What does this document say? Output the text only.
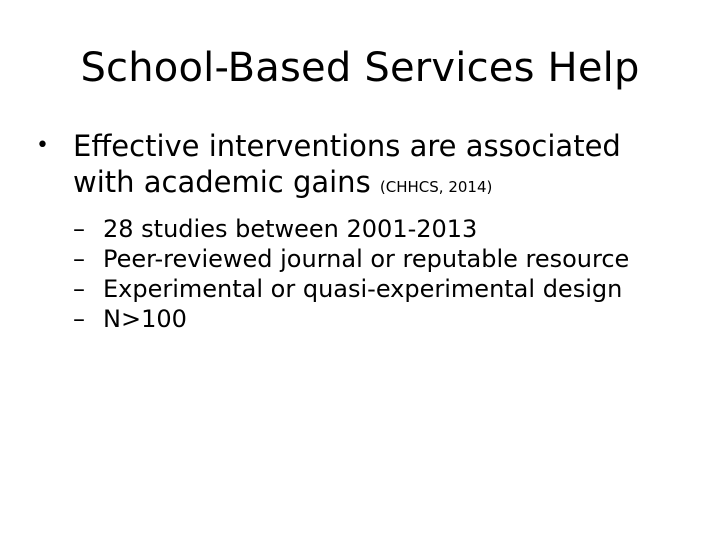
School-Based Services Help
• Effective interventions are associated
with academic gains (CHHCS, 2014)
– 28 studies between 2001-2013
– Peer-reviewed journal or reputable resource
– Experimental or quasi-experimental design
– N>100
